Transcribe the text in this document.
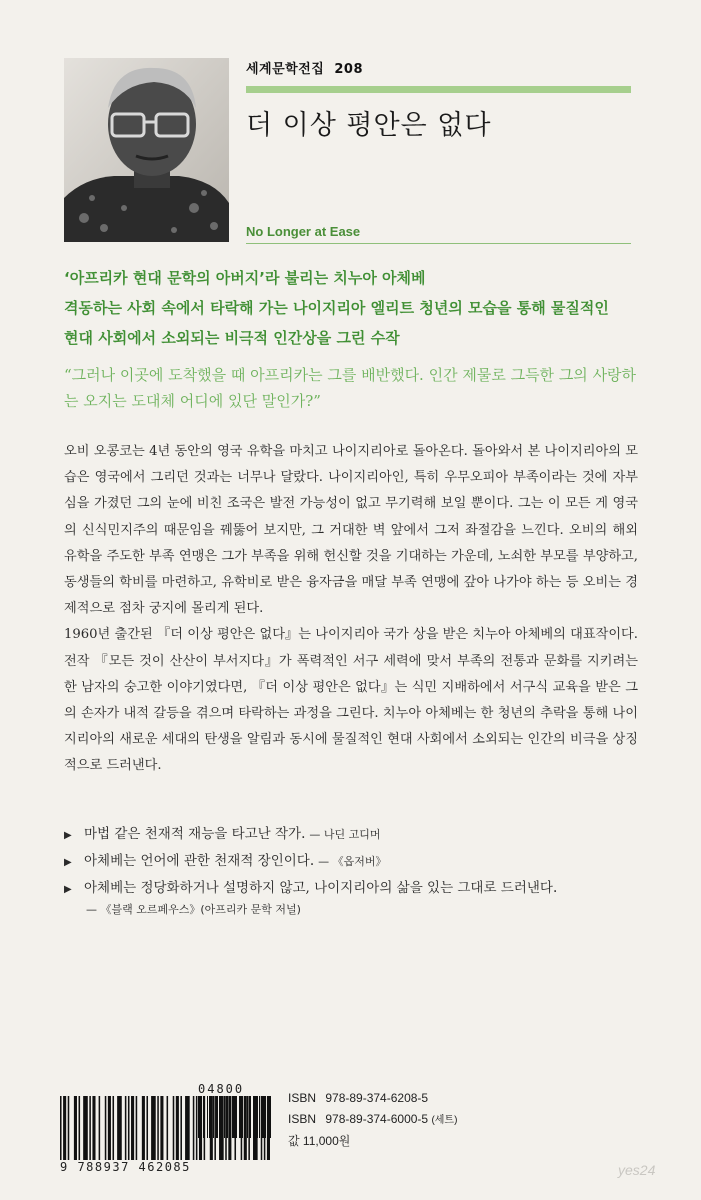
세계문학전집 208
더 이상 평안은 없다
No Longer at Ease
‘아프리카 현대 문학의 아버지’라 불리는 치누아 아체베
격동하는 사회 속에서 타락해 가는 나이지리아 엘리트 청년의 모습을 통해 물질적인
현대 사회에서 소외되는 비극적 인간상을 그린 수작
“그러나 이곳에 도착했을 때 아프리카는 그를 배반했다. 인간 제물로 그득한 그의 사랑하는 오지는 도대체 어디에 있단 말인가?”

오비 오콩코는 4년 동안의 영국 유학을 마치고 나이지리아로 돌아온다. 돌아와서 본 나이지리아의 모습은 영국에서 그리던 것과는 너무나 달랐다. 나이지리아인, 특히 우무오피아 부족이라는 것에 자부심을 가졌던 그의 눈에 비친 조국은 발전 가능성이 없고 무기력해 보일 뿐이다. 그는 이 모든 게 영국의 신식민지주의 때문임을 꿰뚫어 보지만, 그 거대한 벽 앞에서 그저 좌절감을 느낀다. 오비의 해외 유학을 주도한 부족 연맹은 그가 부족을 위해 헌신할 것을 기대하는 가운데, 노쇠한 부모를 부양하고, 동생들의 학비를 마련하고, 유학비로 받은 융자금을 매달 부족 연맹에 갚아 나가야 하는 등 오비는 경제적으로 점차 궁지에 몰리게 된다.

1960년 출간된 『더 이상 평안은 없다』는 나이지리아 국가 상을 받은 치누아 아체베의 대표작이다. 전작 『모든 것이 산산이 부서지다』가 폭력적인 서구 세력에 맞서 부족의 전통과 문화를 지키려는 한 남자의 숭고한 이야기였다면, 『더 이상 평안은 없다』는 식민 지배하에서 서구식 교육을 받은 그의 손자가 내적 갈등을 겪으며 타락하는 과정을 그린다. 치누아 아체베는 한 청년의 추락을 통해 나이지리아의 새로운 세대의 탄생을 알림과 동시에 물질적인 현대 사회에서 소외되는 인간의 비극을 상징적으로 드러낸다.

▶ 마법 같은 천재적 재능을 타고난 작가. — 나딘 고디머
▶ 아체베는 언어에 관한 천재적 장인이다. — 《옵저버》
▶ 아체베는 정당화하거나 설명하지 않고, 나이지리아의 삶을 있는 그대로 드러낸다.
— 《블랙 오르페우스》(아프리카 문학 저널)
9 788937 462085
04800
ISBN 978-89-374-6208-5
ISBN 978-89-374-6000-5 (세트)
값 11,000원
yes24
